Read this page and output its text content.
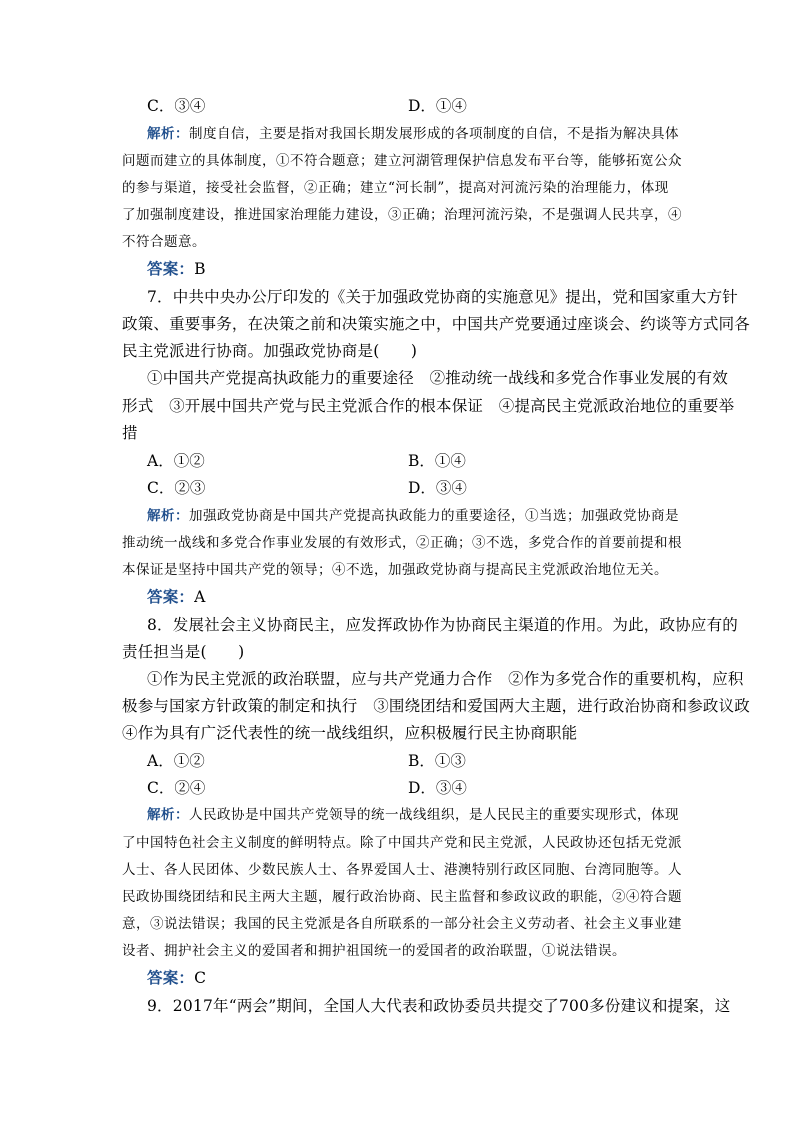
C．③④	D．①④
解析：制度自信，主要是指对我国长期发展形成的各项制度的自信，不是指为解决具体
问题而建立的具体制度，①不符合题意；建立河湖管理保护信息发布平台等，能够拓宽公众
的参与渠道，接受社会监督，②正确；建立“河长制”，提高对河流污染的治理能力，体现
了加强制度建设，推进国家治理能力建设，③正确；治理河流污染，不是强调人民共享，④
不符合题意。
答案：B
7．中共中央办公厅印发的《关于加强政党协商的实施意见》提出，党和国家重大方针
政策、重要事务，在决策之前和决策实施之中，中国共产党要通过座谈会、约谈等方式同各
民主党派进行协商。加强政党协商是(　　)
①中国共产党提高执政能力的重要途径　②推动统一战线和多党合作事业发展的有效
形式　③开展中国共产党与民主党派合作的根本保证　④提高民主党派政治地位的重要举
措
A．①②	B．①④
C．②③	D．③④
解析：加强政党协商是中国共产党提高执政能力的重要途径，①当选；加强政党协商是
推动统一战线和多党合作事业发展的有效形式，②正确；③不选，多党合作的首要前提和根
本保证是坚持中国共产党的领导；④不选，加强政党协商与提高民主党派政治地位无关。
答案：A
8．发展社会主义协商民主，应发挥政协作为协商民主渠道的作用。为此，政协应有的
责任担当是(　　)
①作为民主党派的政治联盟，应与共产党通力合作　②作为多党合作的重要机构，应积
极参与国家方针政策的制定和执行　③围绕团结和爱国两大主题，进行政治协商和参政议政
④作为具有广泛代表性的统一战线组织，应积极履行民主协商职能
A．①②	B．①③
C．②④	D．③④
解析：人民政协是中国共产党领导的统一战线组织，是人民民主的重要实现形式，体现
了中国特色社会主义制度的鲜明特点。除了中国共产党和民主党派，人民政协还包括无党派
人士、各人民团体、少数民族人士、各界爱国人士、港澳特别行政区同胞、台湾同胞等。人
民政协围绕团结和民主两大主题，履行政治协商、民主监督和参政议政的职能，②④符合题
意，③说法错误；我国的民主党派是各自所联系的一部分社会主义劳动者、社会主义事业建
设者、拥护社会主义的爱国者和拥护祖国统一的爱国者的政治联盟，①说法错误。
答案：C
9．2017年“两会”期间，全国人大代表和政协委员共提交了700多份建议和提案，这
